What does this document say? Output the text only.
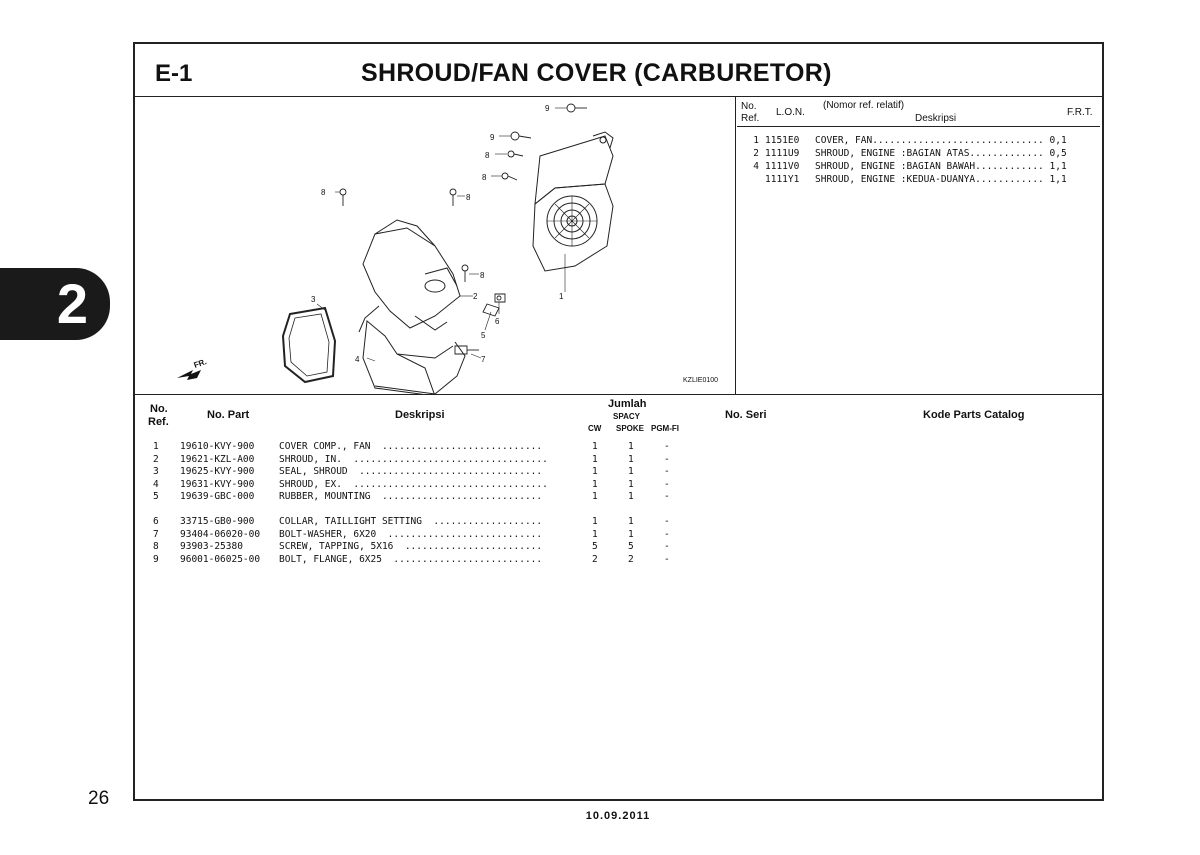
2
26
10.09.2011
E-1	SHROUD/FAN COVER (CARBURETOR)
9
9
8
8
8
8
2
3	1
8
6
5
4	7
FR.
KZLIE0100
No.
Ref.
L.O.N.
(Nomor ref. relatif)
Deskripsi
F.R.T.
1 1151E0 COVER, FAN.............................. 0,1
2 1111U9 SHROUD, ENGINE :BAGIAN ATAS............. 0,5
4 1111V0 SHROUD, ENGINE :BAGIAN BAWAH............ 1,1
1111Y1 SHROUD, ENGINE :KEDUA-DUANYA............ 1,1
No.
Ref.
No. Part	Deskripsi
Jumlah
SPACY
CW SPOKE PGM-FI
No. Seri	Kode Parts Catalog
1 19610-KVY-900	COVER COMP., FAN  ............................	1	1	-
2 19621-KZL-A00	SHROUD, IN.  ..................................	1	1	-
3 19625-KVY-900	SEAL, SHROUD  ................................	1	1	-
4 19631-KVY-900	SHROUD, EX.  ..................................	1	1	-
5 19639-GBC-000	RUBBER, MOUNTING  ............................	1	1	-
6 33715-GB0-900	COLLAR, TAILLIGHT SETTING  ...................	1	1	-
7 93404-06020-00 BOLT-WASHER, 6X20  ...........................	1	1	-
8 93903-25380	SCREW, TAPPING, 5X16  ........................	5	5	-
9 96001-06025-00 BOLT, FLANGE, 6X25  ..........................	2	2	-
